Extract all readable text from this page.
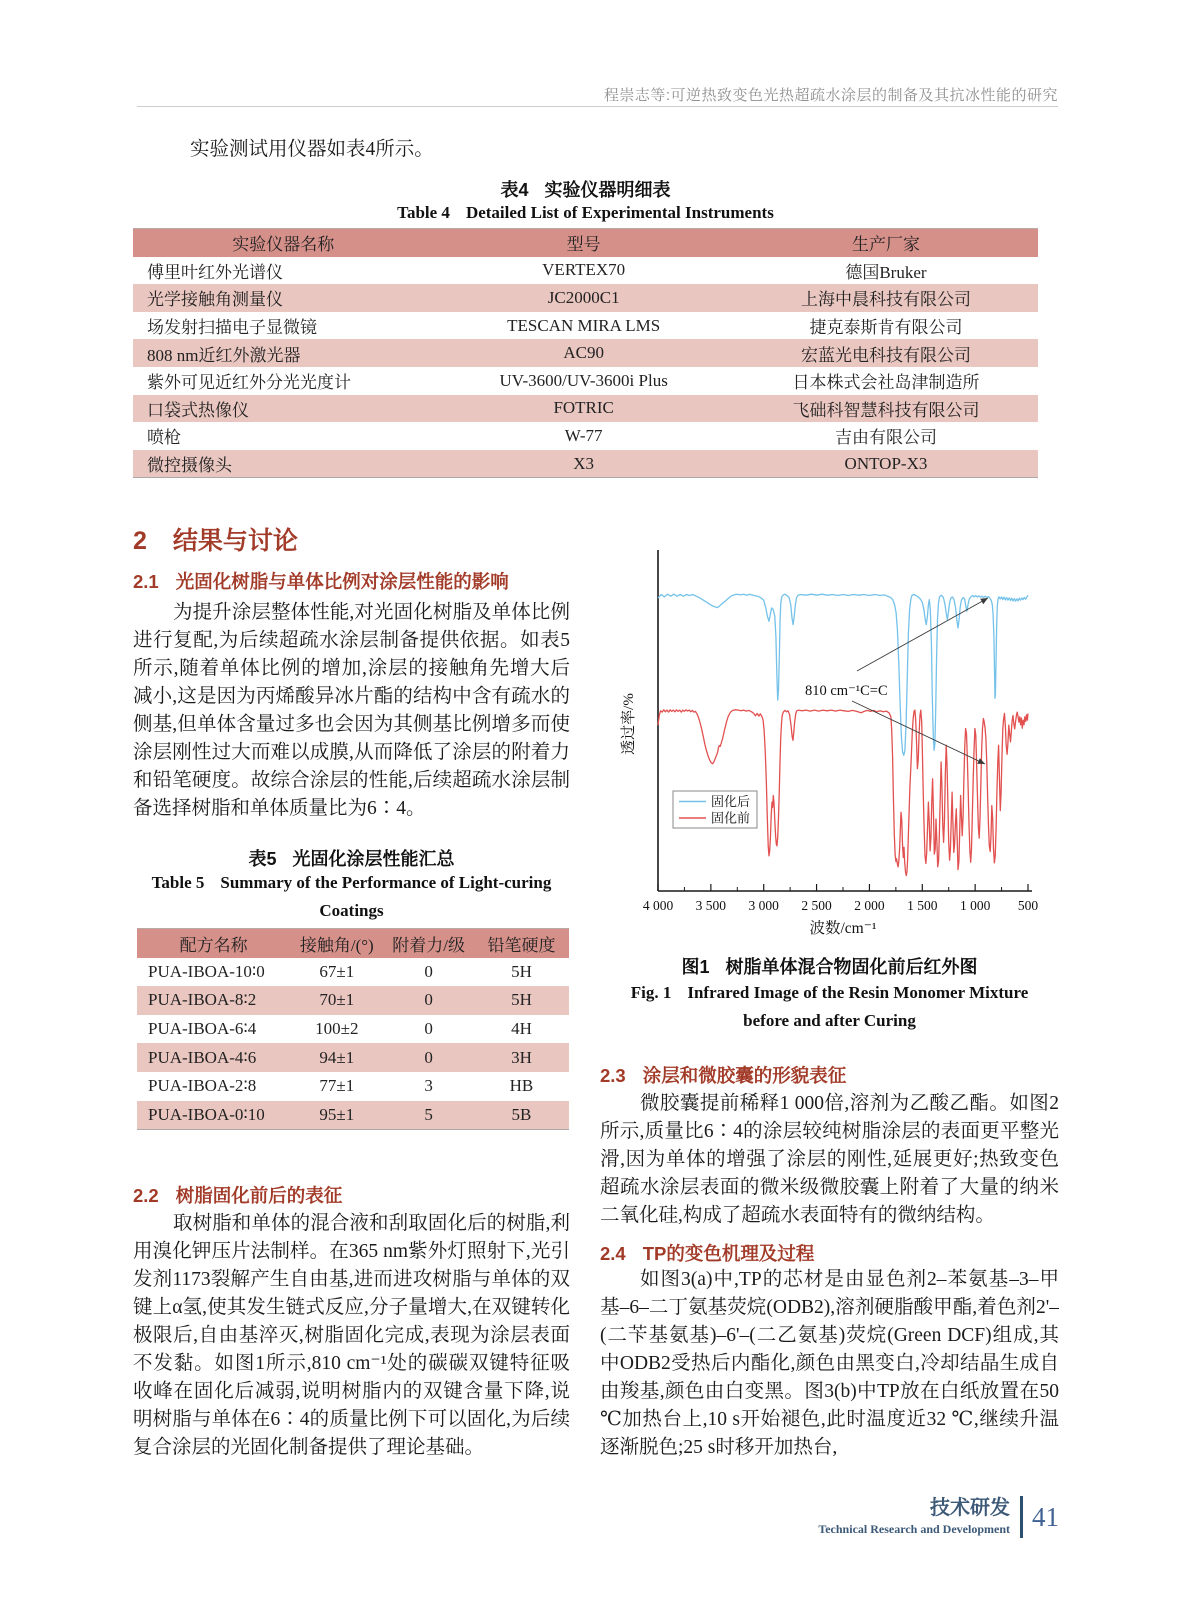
程崇志等:可逆热致变色光热超疏水涂层的制备及其抗冰性能的研究

实验测试用仪器如表4所示。

表4 实验仪器明细表

Table 4 Detailed List of Experimental Instruments

实验仪器名称	型号	生产厂家
傅里叶红外光谱仪	VERTEX70	德国Bruker
光学接触角测量仪	JC2000C1	上海中晨科技有限公司
场发射扫描电子显微镜	TESCAN MIRA LMS	捷克泰斯肯有限公司
808 nm近红外激光器	AC90	宏蓝光电科技有限公司
紫外可见近红外分光光度计	UV-3600/UV-3600i Plus	日本株式会社岛津制造所
口袋式热像仪	FOTRIC	飞础科智慧科技有限公司
喷枪	W-77	吉由有限公司
微控摄像头	X3	ONTOP-X3
2 结果与讨论
2.1 光固化树脂与单体比例对涂层性能的影响

为提升涂层整体性能,对光固化树脂及单体比例进行复配,为后续超疏水涂层制备提供依据。如表5所示,随着单体比例的增加,涂层的接触角先增大后减小,这是因为丙烯酸异冰片酯的结构中含有疏水的侧基,但单体含量过多也会因为其侧基比例增多而使涂层刚性过大而难以成膜,从而降低了涂层的附着力和铅笔硬度。故综合涂层的性能,后续超疏水涂层制备选择树脂和单体质量比为6∶4。

表5 光固化涂层性能汇总

Table 5 Summary of the Performance of Light-curing

Coatings

配方名称	接触角/(°)	附着力/级	铅笔硬度
PUA-IBOA-10∶0	67±1	0	5H
PUA-IBOA-8∶2	70±1	0	5H
PUA-IBOA-6∶4	100±2	0	4H
PUA-IBOA-4∶6	94±1	0	3H
PUA-IBOA-2∶8	77±1	3	HB
PUA-IBOA-0∶10	95±1	5	5B
2.2 树脂固化前后的表征

取树脂和单体的混合液和刮取固化后的树脂,利用溴化钾压片法制样。在365 nm紫外灯照射下,光引发剂1173裂解产生自由基,进而进攻树脂与单体的双键上α氢,使其发生链式反应,分子量增大,在双键转化极限后,自由基淬灭,树脂固化完成,表现为涂层表面不发黏。如图1所示,810 cm⁻¹处的碳碳双键特征吸收峰在固化后减弱,说明树脂内的双键含量下降,说明树脂与单体在6∶4的质量比例下可以固化,为后续复合涂层的光固化制备提供了理论基础。

4 000 3 500 3 000 2 500 2 000 1 500 1 000 500
波数/cm⁻¹
透过率/%
固化后
固化前
810 cm⁻¹C=C

图1 树脂单体混合物固化前后红外图

Fig. 1 Infrared Image of the Resin Monomer Mixture

before and after Curing

2.3 涂层和微胶囊的形貌表征

微胶囊提前稀释1 000倍,溶剂为乙酸乙酯。如图2所示,质量比6∶4的涂层较纯树脂涂层的表面更平整光滑,因为单体的增强了涂层的刚性,延展更好;热致变色超疏水涂层表面的微米级微胶囊上附着了大量的纳米二氧化硅,构成了超疏水表面特有的微纳结构。

2.4 TP的变色机理及过程

如图3(a)中,TP的芯材是由显色剂2–苯氨基–3–甲基–6–二丁氨基荧烷(ODB2),溶剂硬脂酸甲酯,着色剂2'–(二苄基氨基)–6'–(二乙氨基)荧烷(Green DCF)组成,其中ODB2受热后内酯化,颜色由黑变白,冷却结晶生成自由羧基,颜色由白变黑。图3(b)中TP放在白纸放置在50 ℃加热台上,10 s开始褪色,此时温度近32 ℃,继续升温逐渐脱色;25 s时移开加热台,

技术研发
Technical Research and Development 41
